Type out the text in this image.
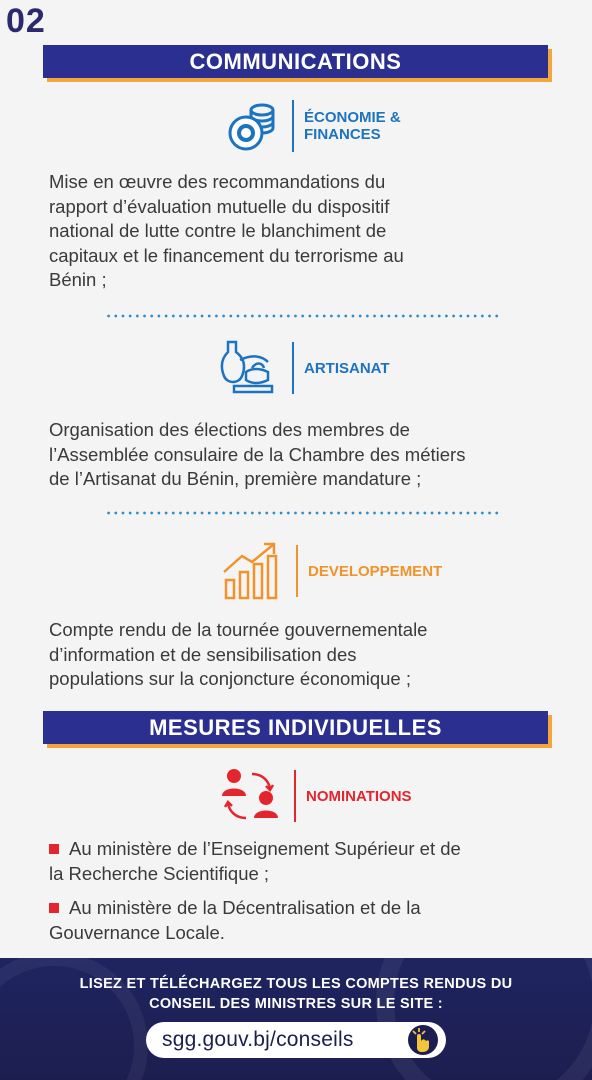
02
COMMUNICATIONS
ÉCONOMIE &
FINANCES
Mise en œuvre des recommandations du
rapport d’évaluation mutuelle du dispositif
national de lutte contre le blanchiment de
capitaux et le financement du terrorisme au
Bénin ;
ARTISANAT
Organisation des élections des membres de
l’Assemblée consulaire de la Chambre des métiers
de l’Artisanat du Bénin, première mandature ;
DEVELOPPEMENT
Compte rendu de la tournée gouvernementale
d’information et de sensibilisation des
populations sur la conjoncture économique ;
MESURES INDIVIDUELLES
NOMINATIONS
Au ministère de l’Enseignement Supérieur et de
la Recherche Scientifique ;
Au ministère de la Décentralisation et de la
Gouvernance Locale.
LISEZ ET TÉLÉCHARGEZ TOUS LES COMPTES RENDUS DU
CONSEIL DES MINISTRES SUR LE SITE :
sgg.gouv.bj/conseils
